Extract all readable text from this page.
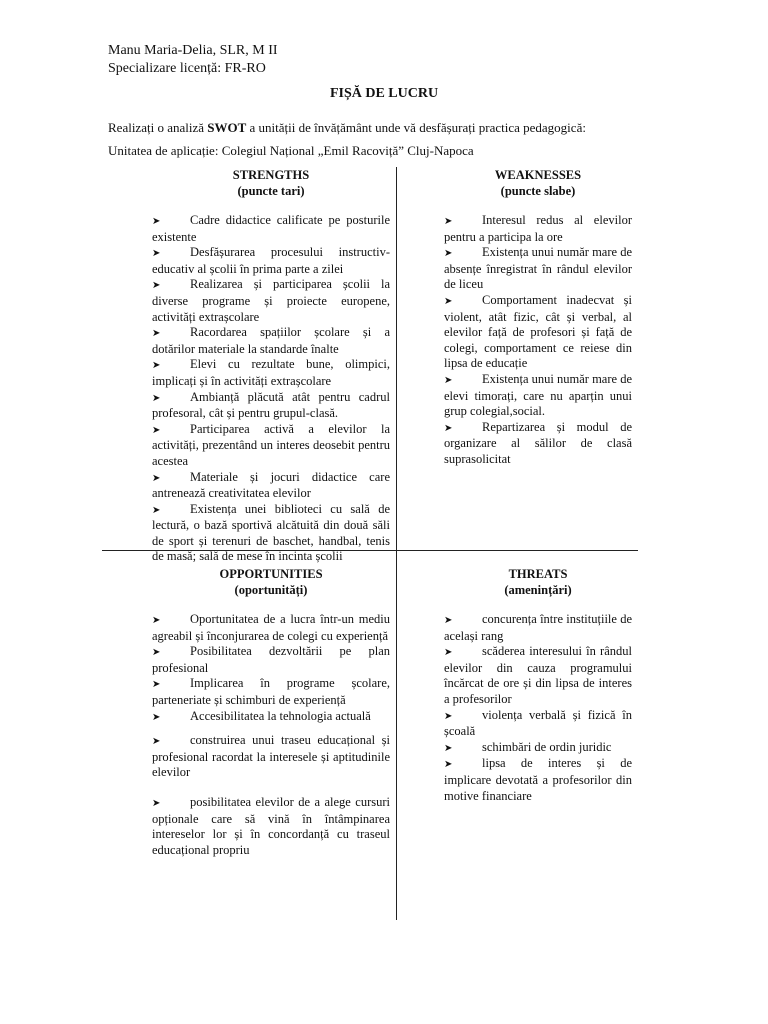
Manu Maria-Delia, SLR, M II
Specializare licență: FR-RO
FIȘĂ DE LUCRU
Realizați o analiză SWOT a unității de învățământ unde vă desfășurați practica pedagogică:
Unitatea de aplicație: Colegiul Național „Emil Racoviță” Cluj-Napoca
STRENGTHS
(puncte tari)
➤ Cadre didactice calificate pe posturile existente
➤ Desfășurarea procesului instructiv-educativ al școlii în prima parte a zilei
➤ Realizarea și participarea școlii la diverse programe și proiecte europene, activități extrașcolare
➤ Racordarea spațiilor școlare și a dotărilor materiale la standarde înalte
➤ Elevi cu rezultate bune, olimpici, implicați și în activități extrașcolare
➤ Ambianță plăcută atât pentru cadrul profesoral, cât și pentru grupul-clasă.
➤ Participarea activă a elevilor la activități, prezentând un interes deosebit pentru acestea
➤ Materiale și jocuri didactice care antrenează creativitatea elevilor
➤ Existența unei biblioteci cu sală de lectură, o bază sportivă alcătuită din două săli de sport și terenuri de baschet, handbal, tenis de masă; sală de mese în incinta școlii
WEAKNESSES
(puncte slabe)
➤ Interesul redus al elevilor pentru a participa la ore
➤ Existența unui număr mare de absențe înregistrat în rândul elevilor de liceu
➤ Comportament inadecvat și violent, atât fizic, cât și verbal, al elevilor față de profesori și față de colegi, comportament ce reiese din lipsa de educație
➤ Existența unui număr mare de elevi timorați, care nu aparțin unui grup colegial,social.
➤ Repartizarea și modul de organizare al sălilor de clasă suprasolicitat
OPPORTUNITIES
(oportunități)
➤ Oportunitatea de a lucra într-un mediu agreabil și înconjurarea de colegi cu experiență
➤ Posibilitatea dezvoltării pe plan profesional
➤ Implicarea în programe școlare, parteneriate și schimburi de experiență
➤ Accesibilitatea la tehnologia actuală
➤ construirea unui traseu educațional și profesional racordat la interesele și aptitudinile elevilor
➤ posibilitatea elevilor de a alege cursuri opționale care să vină în întâmpinarea intereselor lor și în concordanță cu traseul educațional propriu
THREATS
(amenințări)
➤ concurența între instituțiile de același rang
➤ scăderea interesului în rândul elevilor din cauza programului încărcat de ore și din lipsa de interes a profesorilor
➤ violența verbală și fizică în școală
➤ schimbări de ordin juridic
➤ lipsa de interes și de implicare devotată a profesorilor din motive financiare
